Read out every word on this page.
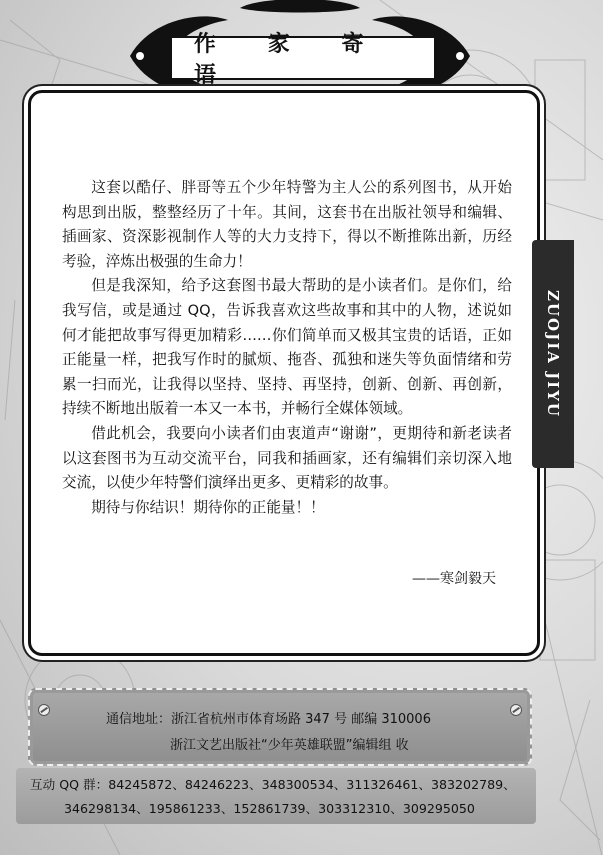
作 家 寄 语

这套以酷仔、胖哥等五个少年特警为主人公的系列图书，从开始构思到出版，整整经历了十年。其间，这套书在出版社领导和编辑、插画家、资深影视制作人等的大力支持下，得以不断推陈出新，历经考验，淬炼出极强的生命力！

但是我深知，给予这套图书最大帮助的是小读者们。是你们，给我写信，或是通过 QQ，告诉我喜欢这些故事和其中的人物，述说如何才能把故事写得更加精彩……你们简单而又极其宝贵的话语，正如正能量一样，把我写作时的腻烦、拖沓、孤独和迷失等负面情绪和劳累一扫而光，让我得以坚持、坚持、再坚持，创新、创新、再创新，持续不断地出版着一本又一本书，并畅行全媒体领域。

借此机会，我要向小读者们由衷道声“谢谢”，更期待和新老读者以这套图书为互动交流平台，同我和插画家，还有编辑们亲切深入地交流，以使少年特警们演绎出更多、更精彩的故事。

期待与你结识！期待你的正能量！！

——寒剑毅天
ZUOJIA JIYU
通信地址：浙江省杭州市体育场路 347 号 邮编 310006
浙江文艺出版社“少年英雄联盟”编辑组 收
互动 QQ 群：84245872、84246223、348300534、311326461、383202789、
346298134、195861233、152861739、303312310、309295050
